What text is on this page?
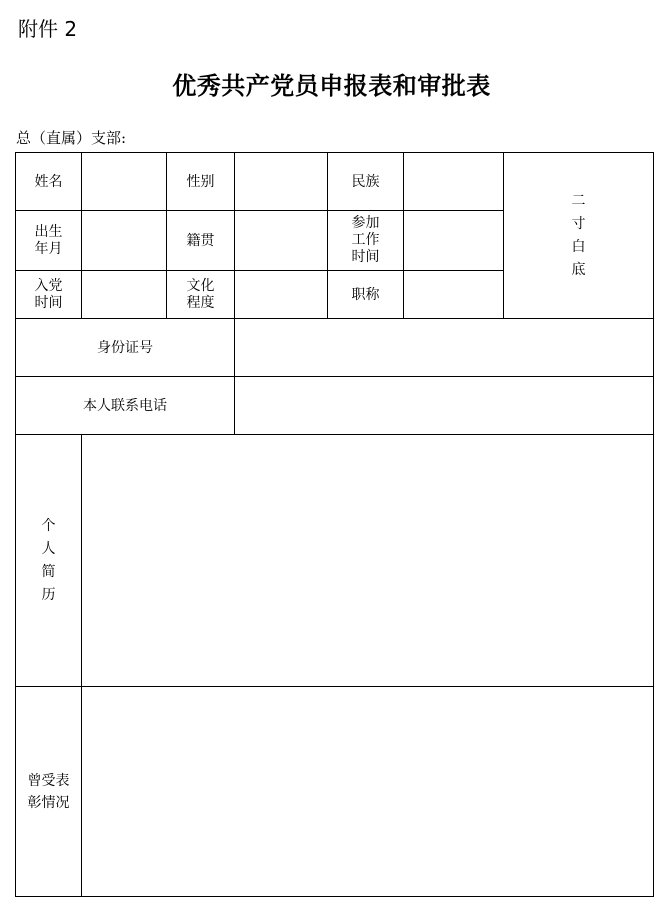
附件 2
优秀共产党员申报表和审批表
总（直属）支部:
姓名		性别		民族		二寸白底
出生年月		籍贯		参加工作时间		

入党时间		文化程度		职称		

身份证号						

本人联系电话						

个人简历						

曾受表彰情况						
